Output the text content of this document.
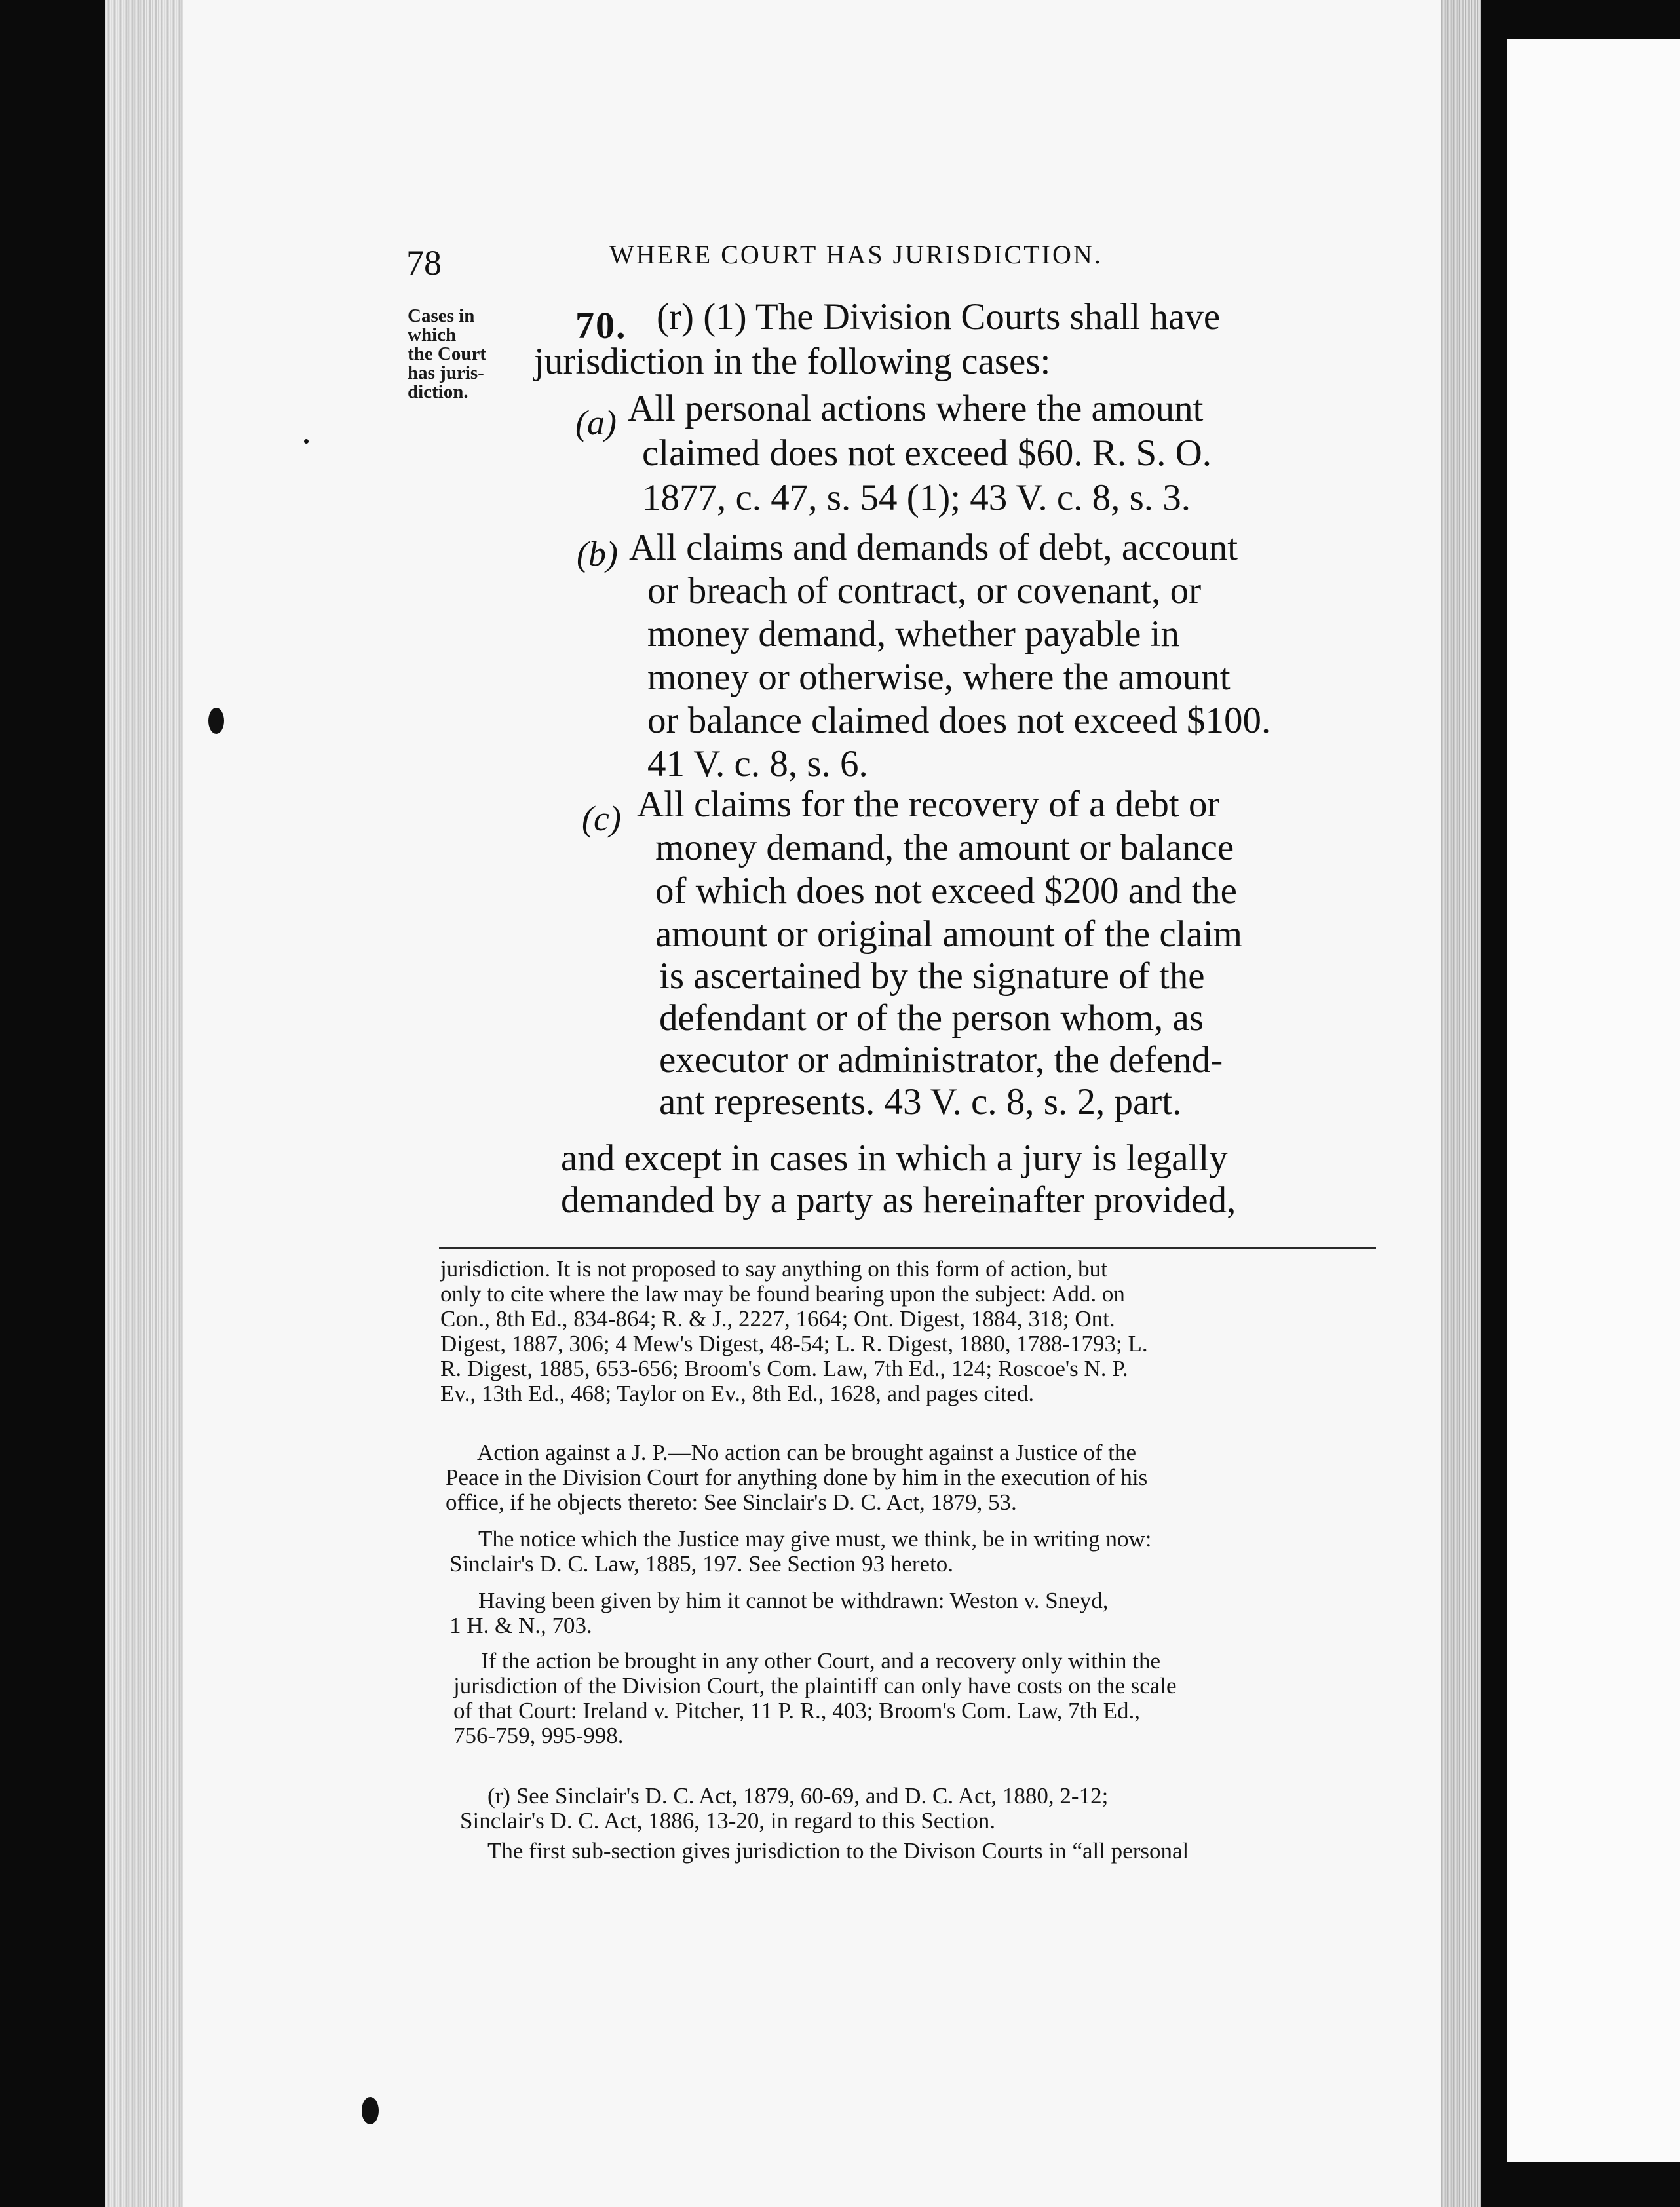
78	WHERE COURT HAS JURISDICTION.
Cases in
which
the Court
has juris-
diction.
70. (r) (1) The Division Courts shall have
jurisdiction in the following cases:
(a) All personal actions where the amount
claimed does not exceed $60. R. S. O.
1877, c. 47, s. 54 (1); 43 V. c. 8, s. 3.
(b) All claims and demands of debt, account
or breach of contract, or covenant, or
money demand, whether payable in
money or otherwise, where the amount
or balance claimed does not exceed $100.
41 V. c. 8, s. 6.
(c) All claims for the recovery of a debt or
money demand, the amount or balance
of which does not exceed $200 and the
amount or original amount of the claim
is ascertained by the signature of the
defendant or of the person whom, as
executor or administrator, the defend-
ant represents. 43 V. c. 8, s. 2, part.
and except in cases in which a jury is legally
demanded by a party as hereinafter provided,
jurisdiction. It is not proposed to say anything on this form of action, but
only to cite where the law may be found bearing upon the subject: Add. on
Con., 8th Ed., 834-864; R. & J., 2227, 1664; Ont. Digest, 1884, 318; Ont.
Digest, 1887, 306; 4 Mew's Digest, 48-54; L. R. Digest, 1880, 1788-1793; L.
R. Digest, 1885, 653-656; Broom's Com. Law, 7th Ed., 124; Roscoe's N. P.
Ev., 13th Ed., 468; Taylor on Ev., 8th Ed., 1628, and pages cited.
Action against a J. P.—No action can be brought against a Justice of the
Peace in the Division Court for anything done by him in the execution of his
office, if he objects thereto: See Sinclair's D. C. Act, 1879, 53.
The notice which the Justice may give must, we think, be in writing now:
Sinclair's D. C. Law, 1885, 197. See Section 93 hereto.
Having been given by him it cannot be withdrawn: Weston v. Sneyd,
1 H. & N., 703.
If the action be brought in any other Court, and a recovery only within the
jurisdiction of the Division Court, the plaintiff can only have costs on the scale
of that Court: Ireland v. Pitcher, 11 P. R., 403; Broom's Com. Law, 7th Ed.,
756-759, 995-998.
(r) See Sinclair's D. C. Act, 1879, 60-69, and D. C. Act, 1880, 2-12;
Sinclair's D. C. Act, 1886, 13-20, in regard to this Section.
The first sub-section gives jurisdiction to the Divison Courts in “all personal
